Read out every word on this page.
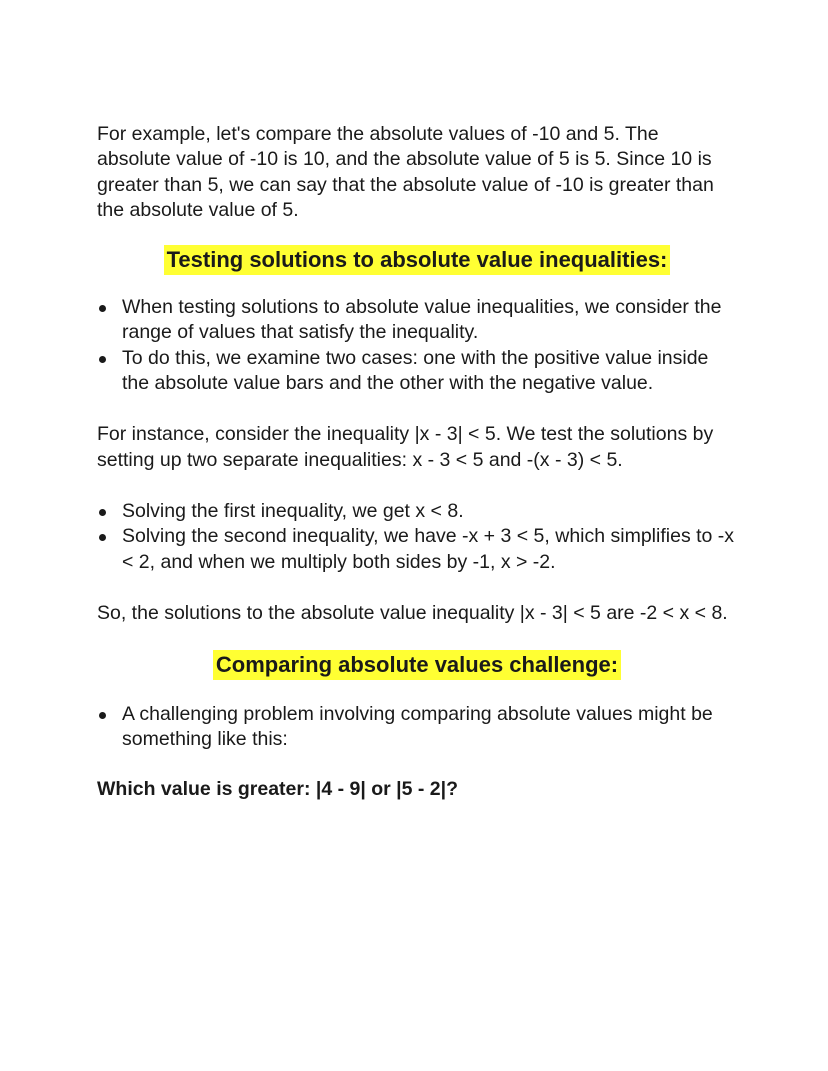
For example, let's compare the absolute values of -10 and 5. The absolute value of -10 is 10, and the absolute value of 5 is 5. Since 10 is greater than 5, we can say that the absolute value of -10 is greater than the absolute value of 5.

Testing solutions to absolute value inequalities:
When testing solutions to absolute value inequalities, we consider the range of values that satisfy the inequality.
To do this, we examine two cases: one with the positive value inside the absolute value bars and the other with the negative value.

For instance, consider the inequality |x - 3| < 5. We test the solutions by setting up two separate inequalities: x - 3 < 5 and -(x - 3) < 5.

Solving the first inequality, we get x < 8.
Solving the second inequality, we have -x + 3 < 5, which simplifies to -x < 2, and when we multiply both sides by -1, x > -2.

So, the solutions to the absolute value inequality |x - 3| < 5 are -2 < x < 8.

Comparing absolute values challenge:
A challenging problem involving comparing absolute values might be something like this:

Which value is greater: |4 - 9| or |5 - 2|?
